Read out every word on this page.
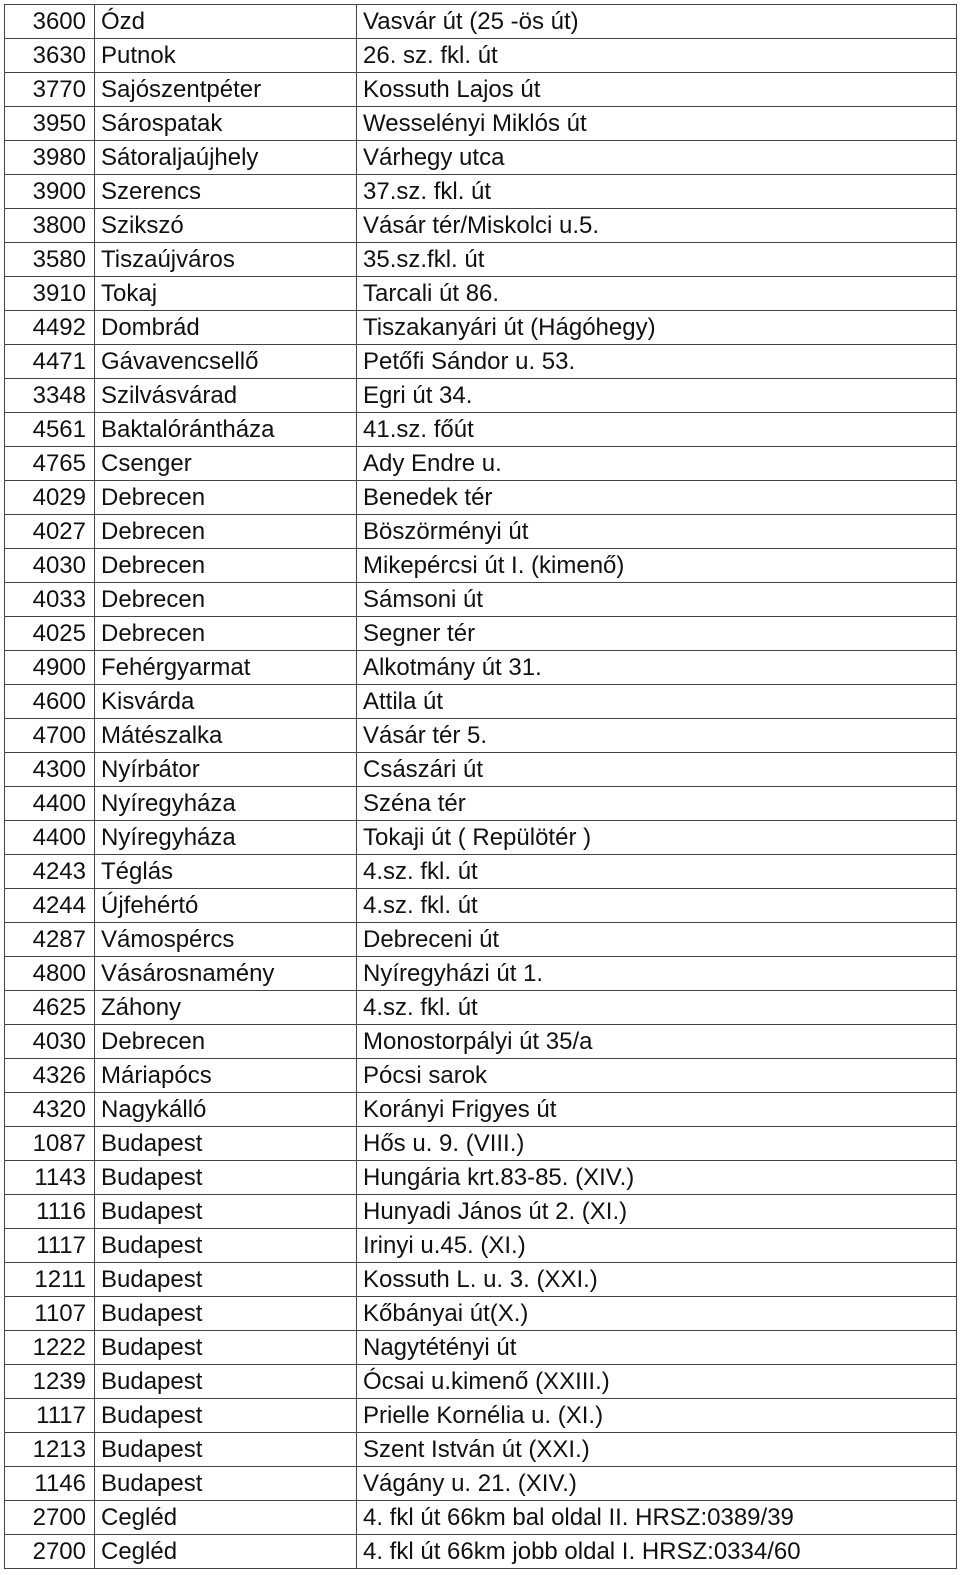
3600	Ózd	Vasvár út (25 -ös út)
3630	Putnok	26. sz. fkl. út
3770	Sajószentpéter	Kossuth Lajos út
3950	Sárospatak	Wesselényi Miklós út
3980	Sátoraljaújhely	Várhegy utca
3900	Szerencs	37.sz. fkl. út
3800	Szikszó	Vásár tér/Miskolci u.5.
3580	Tiszaújváros	35.sz.fkl. út
3910	Tokaj	Tarcali út 86.
4492	Dombrád	Tiszakanyári út (Hágóhegy)
4471	Gávavencsellő	Petőfi Sándor u. 53.
3348	Szilvásvárad	Egri út 34.
4561	Baktalórántháza	41.sz. főút
4765	Csenger	Ady Endre u.
4029	Debrecen	Benedek tér
4027	Debrecen	Böszörményi út
4030	Debrecen	Mikepércsi út I. (kimenő)
4033	Debrecen	Sámsoni út
4025	Debrecen	Segner tér
4900	Fehérgyarmat	Alkotmány út 31.
4600	Kisvárda	Attila út
4700	Mátészalka	Vásár tér 5.
4300	Nyírbátor	Császári út
4400	Nyíregyháza	Széna tér
4400	Nyíregyháza	Tokaji út ( Repülötér )
4243	Téglás	4.sz. fkl. út
4244	Újfehértó	4.sz. fkl. út
4287	Vámospércs	Debreceni út
4800	Vásárosnamény	Nyíregyházi út 1.
4625	Záhony	4.sz. fkl. út
4030	Debrecen	Monostorpályi út 35/a
4326	Máriapócs	Pócsi sarok
4320	Nagykálló	Korányi Frigyes út
1087	Budapest	Hős u. 9. (VIII.)
1143	Budapest	Hungária krt.83-85. (XIV.)
1116	Budapest	Hunyadi János út 2. (XI.)
1117	Budapest	Irinyi u.45. (XI.)
1211	Budapest	Kossuth L. u. 3. (XXI.)
1107	Budapest	Kőbányai út(X.)
1222	Budapest	Nagytétényi út
1239	Budapest	Ócsai u.kimenő (XXIII.)
1117	Budapest	Prielle Kornélia u. (XI.)
1213	Budapest	Szent István út (XXI.)
1146	Budapest	Vágány u. 21. (XIV.)
2700	Cegléd	4. fkl út 66km bal oldal II. HRSZ:0389/39
2700	Cegléd	4. fkl út 66km jobb oldal I. HRSZ:0334/60
